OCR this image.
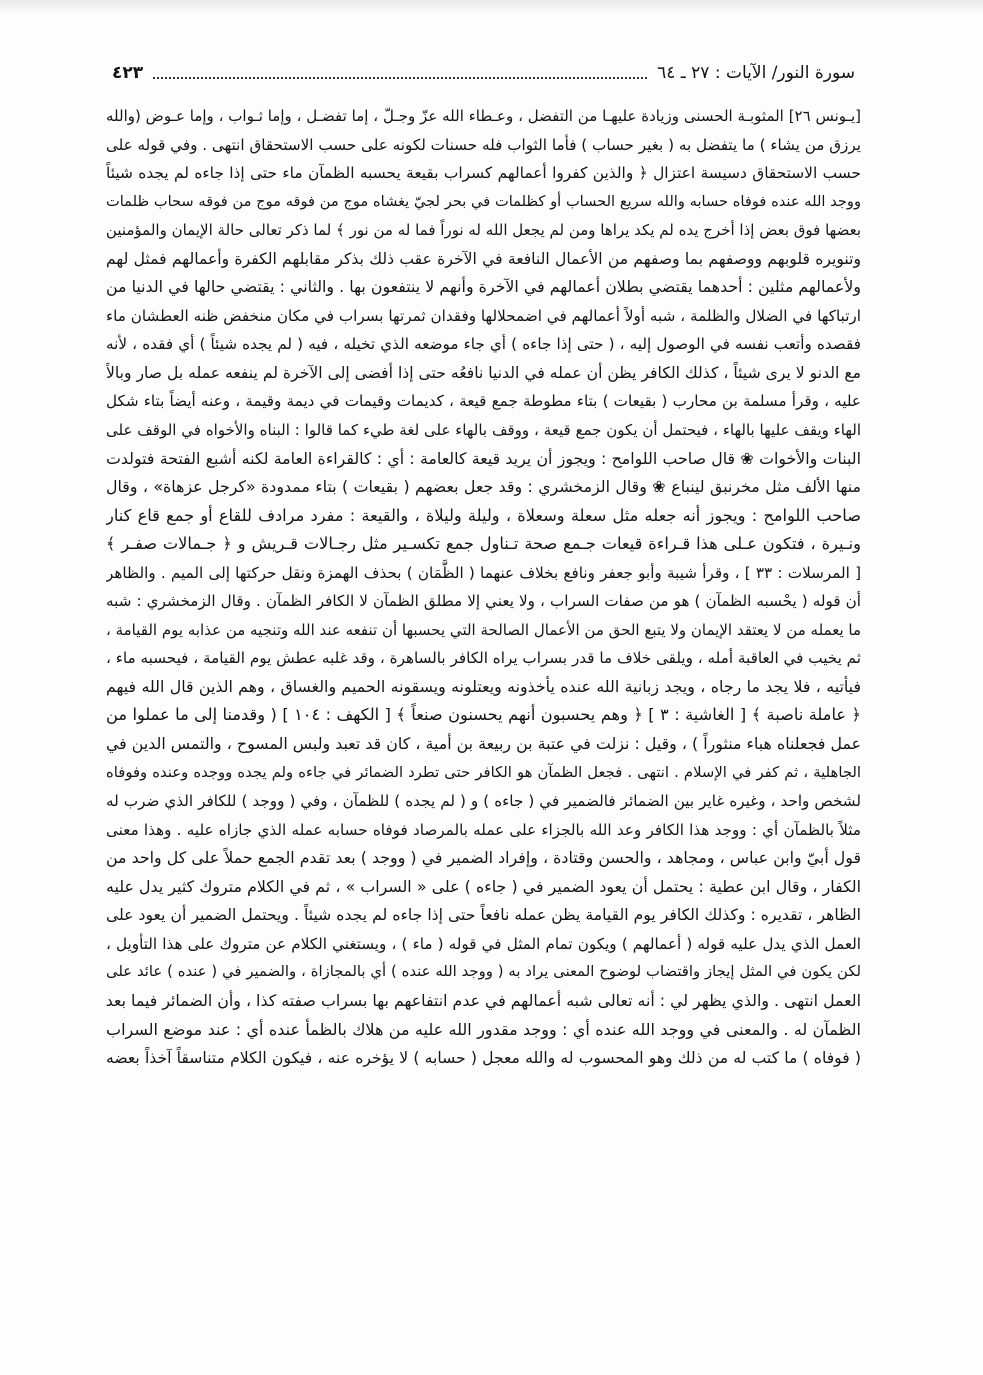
سورة النور/ الآيات : ٢٧ ـ ٦٤
٤٢٣
[يـونس ٢٦] المثوبـة الحسنى وزيادة عليهـا من التفضل ، وعـطاء الله عزّ وجـلّ ، إما تفضـل ، وإما ثـواب ، وإما عـوض (والله
يرزق من يشاء ) ما يتفضل به ( بغير حساب ) فأما الثواب فله حسنات لكونه على حسب الاستحقاق انتهى . وفي قوله على
حسب الاستحقاق دسيسة اعتزال ﴿ والذين كفروا أعمالهم كسراب بقيعة يحسبه الظمآن ماء حتى إذا جاءه لم يجده شيئاً
ووجد الله عنده فوفاه حسابه والله سريع الحساب أو كظلمات في بحر لجيّ يغشاه موج من فوقه موج من فوقه سحاب ظلمات
بعضها فوق بعض إذا أخرج يده لم يكد يراها ومن لم يجعل الله له نوراً فما له من نور ﴾ لما ذكر تعالى حالة الإيمان والمؤمنين
وتنويره قلوبهم ووصفهم بما وصفهم من الأعمال النافعة في الآخرة عقب ذلك بذكر مقابلهم الكفرة وأعمالهم فمثل لهم
ولأعمالهم مثلين : أحدهما يقتضي بطلان أعمالهم في الآخرة وأنهم لا ينتفعون بها . والثاني : يقتضي حالها في الدنيا من
ارتباكها في الضلال والظلمة ، شبه أولاً أعمالهم في اضمحلالها وفقدان ثمرتها بسراب في مكان منخفض ظنه العطشان ماء
فقصده وأتعب نفسه في الوصول إليه ، ( حتى إذا جاءه ) أي جاء موضعه الذي تخيله ، فيه ( لم يجده شيئاً ) أي فقده ، لأنه
مع الدنو لا يرى شيئاً ، كذلك الكافر يظن أن عمله في الدنيا نافعُه حتى إذا أفضى إلى الآخرة لم ينفعه عمله بل صار وبالاً
عليه ، وقرأ مسلمة بن محارب ( بقيعات ) بتاء مطوطة جمع قيعة ، كديمات وقيمات في ديمة وقيمة ، وعنه أيضاً بتاء شكل
الهاء ويقف عليها بالهاء ، فيحتمل أن يكون جمع قيعة ، ووقف بالهاء على لغة طيء كما قالوا : البناه والأخواه في الوقف على
البنات والأخوات ❀ قال صاحب اللوامح : ويجوز أن يريد قيعة كالعامة : أي : كالقراءة العامة لكنه أشبع الفتحة فتولدت
منها الألف مثل مخرنبق لينباع ❀ وقال الزمخشري : وقد جعل بعضهم ( بقيعات ) بتاء ممدودة «كرجل عزهاة» ، وقال
صاحب اللوامح : ويجوز أنه جعله مثل سعلة وسعلاة ، وليلة وليلاة ، والقيعة : مفرد مرادف للقاع أو جمع قاع كنار
ونـيرة ، فتكون عـلى هذا قـراءة قيعات جـمع صحة تـناول جمع تكسـير مثل رجـالات قـريش و ﴿ جـمالات صفـر ﴾
[ المرسلات : ٣٣ ] ، وقرأ شيبة وأبو جعفر ونافع بخلاف عنهما ( الظَّمَان ) بحذف الهمزة ونقل حركتها إلى الميم . والظاهر
أن قوله ( يحْسبه الظمآن ) هو من صفات السراب ، ولا يعني إلا مطلق الظمآن لا الكافر الظمآن . وقال الزمخشري : شبه
ما يعمله من لا يعتقد الإيمان ولا يتبع الحق من الأعمال الصالحة التي يحسبها أن تنفعه عند الله وتنجيه من عذابه يوم القيامة ،
ثم يخيب في العاقبة أمله ، ويلقى خلاف ما قدر بسراب يراه الكافر بالساهرة ، وقد غلبه عطش يوم القيامة ، فيحسبه ماء ،
فيأتيه ، فلا يجد ما رجاه ، ويجد زبانية الله عنده يأخذونه ويعتلونه ويسقونه الحميم والغساق ، وهم الذين قال الله فيهم
﴿ عاملة ناصبة ﴾ [ الغاشية : ٣ ] ﴿ وهم يحسبون أنهم يحسنون صنعاً ﴾ [ الكهف : ١٠٤ ] ( وقدمنا إلى ما عملوا من
عمل فجعلناه هباء منثوراً ) ، وقيل : نزلت في عتبة بن ربيعة بن أمية ، كان قد تعبد ولبس المسوح ، والتمس الدين في
الجاهلية ، ثم كفر في الإسلام . انتهى . فجعل الظمآن هو الكافر حتى تطرد الضمائر في جاءه ولم يجده ووجده وعنده وفوفاه
لشخص واحد ، وغيره غاير بين الضمائر فالضمير في ( جاءه ) و ( لم يجده ) للظمآن ، وفي ( ووجد ) للكافر الذي ضرب له
مثلاً بالظمآن أي : ووجد هذا الكافر وعد الله بالجزاء على عمله بالمرصاد فوفاه حسابه عمله الذي جازاه عليه . وهذا معنى
قول أبيّ وابن عباس ، ومجاهد ، والحسن وقتادة ، وإفراد الضمير في ( ووجد ) بعد تقدم الجمع حملاً على كل واحد من
الكفار ، وقال ابن عطية : يحتمل أن يعود الضمير في ( جاءه ) على « السراب » ، ثم في الكلام متروك كثير يدل عليه
الظاهر ، تقديره : وكذلك الكافر يوم القيامة يظن عمله نافعاً حتى إذا جاءه لم يجده شيئاً . ويحتمل الضمير أن يعود على
العمل الذي يدل عليه قوله ( أعمالهم ) ويكون تمام المثل في قوله ( ماء ) ، ويستغني الكلام عن متروك على هذا التأويل ،
لكن يكون في المثل إيجاز واقتضاب لوضوح المعنى يراد به ( ووجد الله عنده ) أي بالمجازاة ، والضمير في ( عنده ) عائد على
العمل انتهى . والذي يظهر لي : أنه تعالى شبه أعمالهم في عدم انتفاعهم بها بسراب صفته كذا ، وأن الضمائر فيما بعد
الظمآن له . والمعنى في ووجد الله عنده أي : ووجد مقدور الله عليه من هلاك بالظمأ عنده أي : عند موضع السراب
( فوفاه ) ما كتب له من ذلك وهو المحسوب له والله معجل ( حسابه ) لا يؤخره عنه ، فيكون الكلام متناسقاً آخذاً بعضه
